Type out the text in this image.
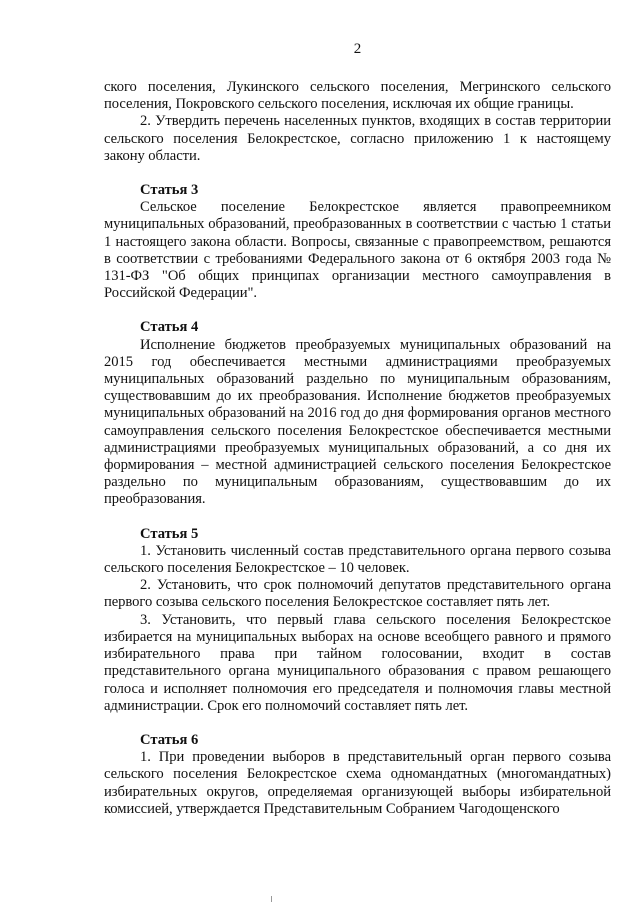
2

ского поселения, Лукинского сельского поселения, Мегринского сельского поселения, Покровского сельского поселения, исключая их общие границы.

2. Утвердить перечень населенных пунктов, входящих в состав территории сельского поселения Белокрестское, согласно приложению 1 к настоящему закону области.

Статья 3

Сельское поселение Белокрестское является правопреемником муниципальных образований, преобразованных в соответствии с частью 1 статьи 1 настоящего закона области. Вопросы, связанные с правопреемством, решаются в соответствии с требованиями Федерального закона от 6 октября 2003 года № 131-ФЗ "Об общих принципах организации местного самоуправления в Российской Федерации".

Статья 4

Исполнение бюджетов преобразуемых муниципальных образований на 2015 год обеспечивается местными администрациями преобразуемых муниципальных образований раздельно по муниципальным образованиям, существовавшим до их преобразования. Исполнение бюджетов преобразуемых муниципальных образований на 2016 год до дня формирования органов местного самоуправления сельского поселения Белокрестское обеспечивается местными администрациями преобразуемых муниципальных образований, а со дня их формирования – местной администрацией сельского поселения Белокрестское раздельно по муниципальным образованиям, существовавшим до их преобразования.

Статья 5

1. Установить численный состав представительного органа первого созыва сельского поселения Белокрестское – 10 человек.

2. Установить, что срок полномочий депутатов представительного органа первого созыва сельского поселения Белокрестское составляет пять лет.

3. Установить, что первый глава сельского поселения Белокрестское избирается на муниципальных выборах на основе всеобщего равного и прямого избирательного права при тайном голосовании, входит в состав представительного органа муниципального образования с правом решающего голоса и исполняет полномочия его председателя и полномочия главы местной администрации. Срок его полномочий составляет пять лет.

Статья 6

1. При проведении выборов в представительный орган первого созыва сельского поселения Белокрестское схема одномандатных (многомандатных) избирательных округов, определяемая организующей выборы избирательной комиссией, утверждается Представительным Собранием Чагодощенского
